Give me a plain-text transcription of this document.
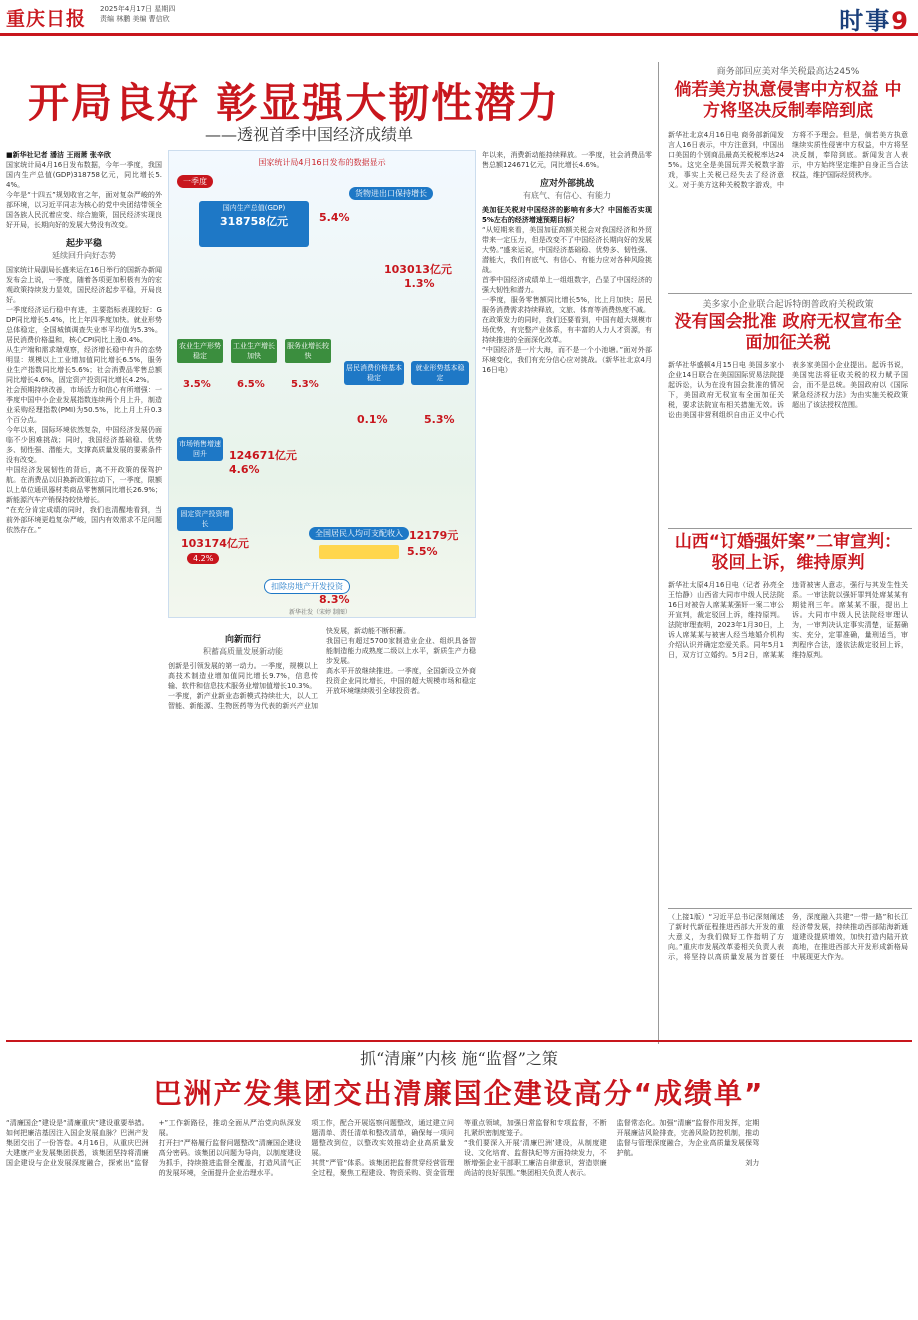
重庆日报 2025年4月17日 星期四
责编 林鹏 美编 曹信欣	时事9
开局良好 彰显强大韧性潜力
——透视首季中国经济成绩单

■新华社记者 潘洁 王雨萧 张辛欣

国家统计局4月16日发布数据，今年一季度，我国国内生产总值(GDP)318758亿元，同比增长5.4%。

今年是“十四五”规划收官之年，面对复杂严峻的外部环境，以习近平同志为核心的党中央团结带领全国各族人民沉着应变、综合施策，国民经济实现良好开局，长期向好的发展大势没有改变。

起步平稳
延续回升向好态势

国家统计局副局长盛来运在16日举行的国新办新闻发布会上说，一季度，随着各项更加积极有为的宏观政策持续发力显效，国民经济起步平稳，开局良好。

一季度经济运行稳中有进，主要指标表现较好：GDP同比增长5.4%，比上年四季度加快。就业形势总体稳定，全国城镇调查失业率平均值为5.3%。居民消费价格温和，核心CPI同比上涨0.4%。

从生产端和需求端观察，经济增长稳中有升的态势明显：规模以上工业增加值同比增长6.5%，服务业生产指数同比增长5.6%；社会消费品零售总额同比增长4.6%，固定资产投资同比增长4.2%。

社会预期持续改善，市场活力和信心有所增强：一季度中国中小企业发展指数连续两个月上升，制造业采购经理指数(PMI)为50.5%，比上月上升0.3个百分点。

今年以来，国际环境依然复杂，中国经济发展仍面临不少困难挑战；同时，我国经济基础稳、优势多、韧性强、潜能大，支撑高质量发展的要素条件没有改变。

中国经济发展韧性的背后，离不开政策的保驾护航。在消费品以旧换新政策拉动下，一季度，限额以上单位通讯器材类商品零售额同比增长26.9%；新能源汽车产销保持较快增长。

“在充分肯定成绩的同时，我们也清醒地看到，当前外部环境更趋复杂严峻，国内有效需求不足问题依然存在。”

国家统计局4月16日发布的数据显示
一季度
国内生产总值(GDP)
318758亿元	5.4%
货物进出口保持增长
103013亿元
1.3%
农业生产形势稳定
3.5%
工业生产增长加快
6.5%
服务业增长较快
5.3%
居民消费价格基本稳定
0.1%
就业形势基本稳定
5.3%
市场销售增速回升	124671亿元
4.6%
固定资产投资增长
103174亿元
4.2%
全国居民人均可支配收入 12179元
5.5%
扣除房地产开发投资
8.3%
新华社发（宋婷 制图）

年以来，消费新动能持续释放。一季度，社会消费品零售总额124671亿元，同比增长4.6%。

应对外部挑战
有底气、有信心、有能力

美加征关税对中国经济的影响有多大？中国能否实现5%左右的经济增速预期目标？

“从短期来看，美国加征高额关税会对我国经济和外贸带来一定压力，但是改变不了中国经济长期向好的发展大势。”盛来运说，中国经济基础稳、优势多、韧性强、潜能大，我们有底气、有信心、有能力应对各种风险挑战。

首季中国经济成绩单上一组组数字，凸显了中国经济的强大韧性和潜力。

一季度，服务零售额同比增长5%，比上月加快；居民服务消费需求持续释放，文旅、体育等消费热度不减。

在政策发力的同时，我们还要看到，中国有超大规模市场优势，有完整产业体系，有丰富的人力人才资源，有持续推进的全面深化改革。

“中国经济是一片大海，而不是一个小池塘。”面对外部环境变化，我们有充分信心应对挑战。（新华社北京4月16日电）

向新而行
积蓄高质量发展新动能

创新是引领发展的第一动力。一季度，规模以上高技术制造业增加值同比增长9.7%，信息传输、软件和信息技术服务业增加值增长10.3%。

一季度，新产业新业态新模式持续壮大，以人工智能、新能源、生物医药等为代表的新兴产业加快发展，新动能不断积蓄。

我国已有超过5700家制造业企业、组织具备智能制造能力成熟度二级以上水平，新质生产力稳步发展。

高水平开放继续推进。一季度，全国新设立外商投资企业同比增长，中国的超大规模市场和稳定开放环境继续吸引全球投资者。

商务部回应美对华关税最高达245%
倘若美方执意侵害中方权益 中方将坚决反制奉陪到底
新华社北京4月16日电 商务部新闻发言人16日表示，中方注意到，中国出口美国的个别商品最高关税税率达245%。这完全是美国玩弄关税数字游戏，事实上关税已经失去了经济意义。对于美方这种关税数字游戏，中方将不予理会。但是，倘若美方执意继续实质性侵害中方权益，中方将坚决反制，奉陪到底。新闻发言人表示，中方始终坚定维护自身正当合法权益，维护国际经贸秩序。
美多家小企业联合起诉特朗普政府关税政策
没有国会批准 政府无权宣布全面加征关税
新华社华盛顿4月15日电 美国多家小企业14日联合在美国国际贸易法院提起诉讼，认为在没有国会批准的情况下，美国政府无权宣布全面加征关税，要求法院宣布相关措施无效。诉讼由美国非营利组织自由正义中心代表多家美国小企业提出。起诉书说，美国宪法将征收关税的权力赋予国会，而不是总统。美国政府以《国际紧急经济权力法》为由实施关税政策超出了该法授权范围。
山西“订婚强奸案”二审宣判：驳回上诉，维持原判
新华社太原4月16日电（记者 孙亮全 王怡静）山西省大同市中级人民法院16日对被告人席某某强奸一案二审公开宣判，裁定驳回上诉，维持原判。法院审理查明，2023年1月30日，上诉人席某某与被害人经当地婚介机构介绍认识并确定恋爱关系。同年5月1日，双方订立婚约。5月2日，席某某违背被害人意志，强行与其发生性关系。一审法院以强奸罪判处席某某有期徒刑三年。席某某不服，提出上诉。大同市中级人民法院经审理认为，一审判决认定事实清楚，证据确实、充分，定罪准确，量刑适当，审判程序合法，遂依法裁定驳回上诉，维持原判。
（上接1版）“习近平总书记深刻阐述了新时代新征程推进西部大开发的重大意义，为我们做好工作指明了方向。”重庆市发展改革委相关负责人表示，将坚持以高质量发展为首要任务，深度融入共建“一带一路”和长江经济带发展，持续推动西部陆海新通道建设提质增效，加快打造内陆开放高地，在推进西部大开发形成新格局中展现更大作为。
抓“清廉”内核 施“监督”之策
巴洲产发集团交出清廉国企建设高分“成绩单”

“清廉国企”建设是“清廉重庆”建设重要举措。如何把廉洁基因注入国企发展血脉？巴洲产发集团交出了一份答卷。4月16日，从重庆巴洲大建康产业发展集团获悉，该集团坚持将清廉国企建设与企业发展深度融合，探索出“监督+”工作新路径，推动全面从严治党向纵深发展。

打开扫“严格履行监督问题整改”清廉国企建设高分密码。该集团以问题为导向，以制度建设为抓手，持续推进监督全覆盖，打造风清气正的发展环境，全面提升企业治理水平。

项工作，配合开展巡察问题整改，通过建立问题清单、责任清单和整改清单，确保每一项问题整改到位，以整改实效推动企业高质量发展。

其贯“严管”体系。该集团把监督贯穿经营管理全过程，聚焦工程建设、物资采购、资金管理等重点领域，加强日常监督和专项监督，不断扎紧织密制度笼子。

“我们要深入开展‘清廉巴洲’建设，从制度建设、文化培育、监督执纪等方面持续发力，不断增强企业干部职工廉洁自律意识，营造崇廉尚洁的良好氛围。”集团相关负责人表示。

监督常态化。加强“清廉”监督作用发挥，定期开展廉洁风险排查，完善风险防控机制，推动监督与管理深度融合，为企业高质量发展保驾护航。

刘力
